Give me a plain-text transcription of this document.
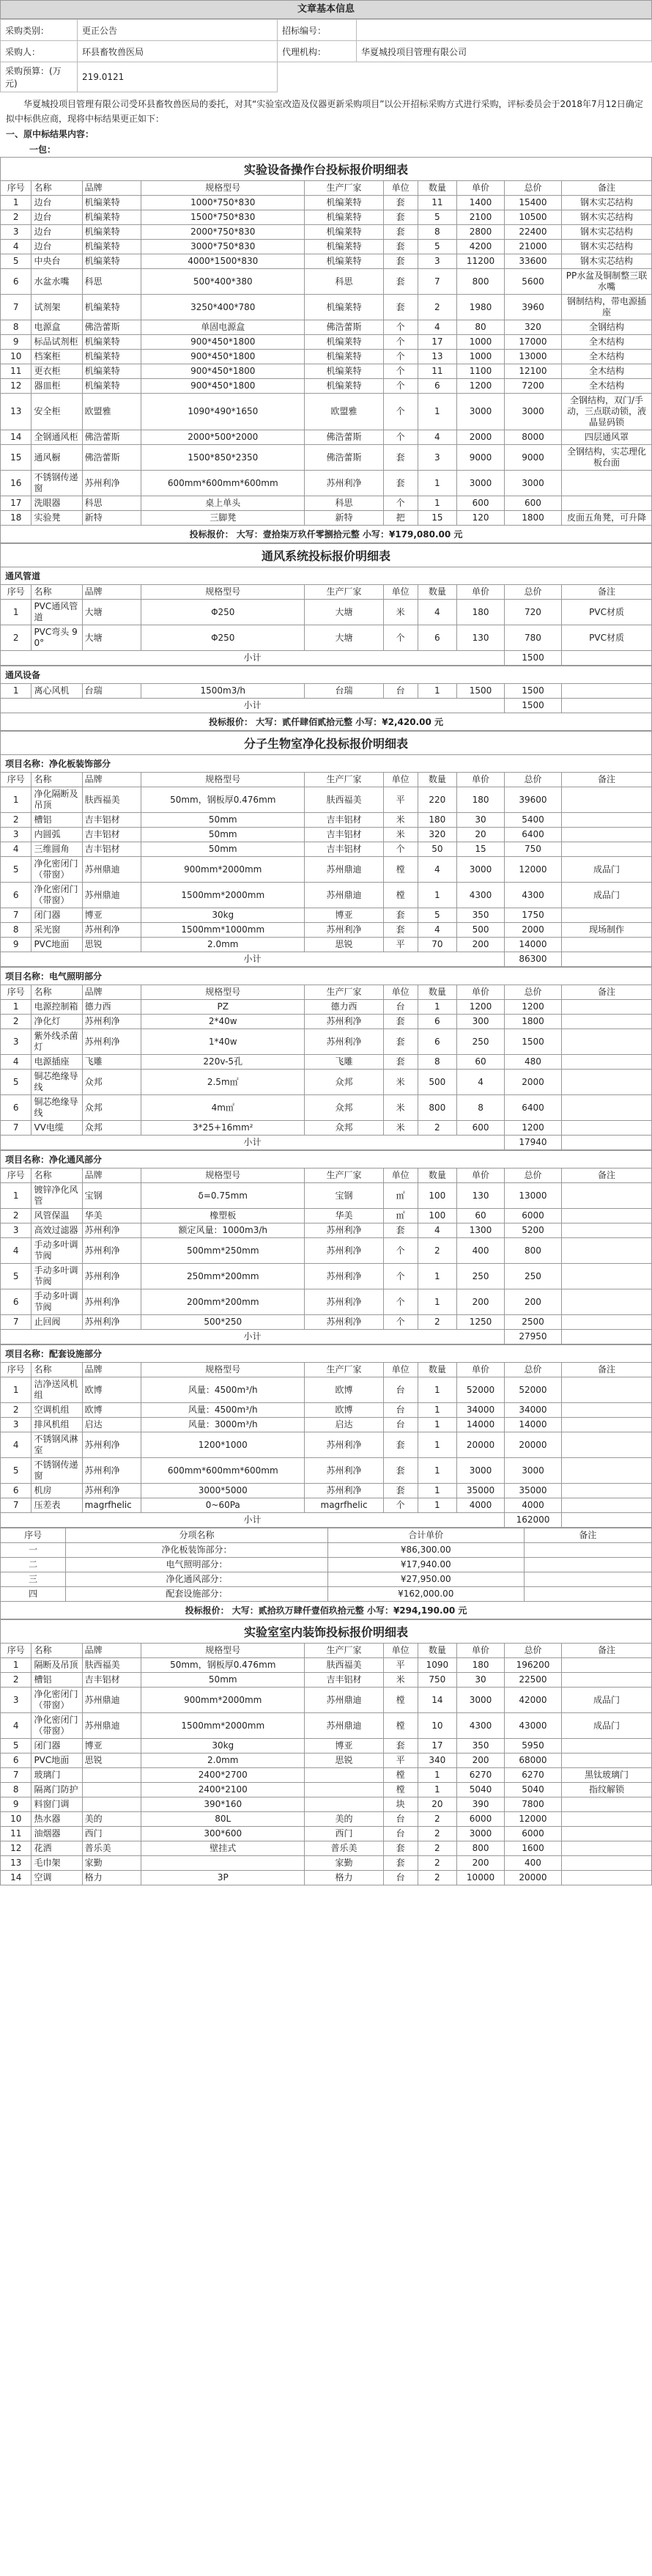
文章基本信息
采购类别：	更正公告	招标编号：	
采购人：	环县畜牧兽医局	代理机构：	华夏城投项目管理有限公司
采购预算：(万元)	219.0121		
华夏城投项目管理有限公司受环县畜牧兽医局的委托，对其“实验室改造及仪器更新采购项目”以公开招标采购方式进行采购，评标委员会于2018年7月12日确定拟中标供应商，现将中标结果更正如下：
一、原中标结果内容：
一包：
实验设备操作台投标报价明细表
序号	名称	品牌	规格型号	生产厂家	单位	数量	单价	总价	备注
1	边台	机编莱特	1000*750*830	机编莱特	套	11	1400	15400	钢木实芯结构
2	边台	机编莱特	1500*750*830	机编莱特	套	5	2100	10500	钢木实芯结构
3	边台	机编莱特	2000*750*830	机编莱特	套	8	2800	22400	钢木实芯结构
4	边台	机编莱特	3000*750*830	机编莱特	套	5	4200	21000	钢木实芯结构
5	中央台	机编莱特	4000*1500*830	机编莱特	套	3	11200	33600	钢木实芯结构
6	水盆水嘴	科思	500*400*380	科思	套	7	800	5600	PP水盆及铜制整三联水嘴
7	试剂架	机编莱特	3250*400*780	机编莱特	套	2	1980	3960	钢制结构，带电源插座
8	电源盒	佛浩蕾斯	单固电源盒	佛浩蕾斯	个	4	80	320	全钢结构
9	标品试剂柜	机编莱特	900*450*1800	机编莱特	个	17	1000	17000	全木结构
10	档案柜	机编莱特	900*450*1800	机编莱特	个	13	1000	13000	全木结构
11	更衣柜	机编莱特	900*450*1800	机编莱特	个	11	1100	12100	全木结构
12	器皿柜	机编莱特	900*450*1800	机编莱特	个	6	1200	7200	全木结构
13	安全柜	欧盟雅	1090*490*1650	欧盟雅	个	1	3000	3000	全钢结构，双门/手动，三点联动锁，液晶显码锁
14	全钢通风柜	佛浩蕾斯	2000*500*2000	佛浩蕾斯	个	4	2000	8000	四层通风罩
15	通风橱	佛浩蕾斯	1500*850*2350	佛浩蕾斯	套	3	9000	9000	全钢结构，实芯理化板台面
16	不锈钢传递窗	苏州利净	600mm*600mm*600mm	苏州利净	套	1	3000	3000	
17	洗眼器	科思	桌上单头	科思	个	1	600	600	
18	实验凳	新特	三脚凳	新特	把	15	120	1800	皮面五角凳，可升降
投标报价： 大写：壹拾柒万玖仟零捌拾元整 小写：¥179,080.00 元
通风系统投标报价明细表
通风管道
序号	名称	品牌	规格型号	生产厂家	单位	数量	单价	总价	备注
1	PVC通风管道	大塘	Φ250	大塘	米	4	180	720	PVC材质
2	PVC弯头 90°	大塘	Φ250	大塘	个	6	130	780	PVC材质
小计								1500	
通风设备
1	离心风机	台瑞	1500m3/h	台瑞	台	1	1500	1500	
小计								1500	
投标报价： 大写：贰仟肆佰贰拾元整 小写：¥2,420.00 元
分子生物室净化投标报价明细表
项目名称：净化板装饰部分
序号	名称	品牌	规格型号	生产厂家	单位	数量	单价	总价	备注
1	净化隔断及吊顶	肤西福美	50mm，钢板厚0.476mm	肤西福美	平	220	180	39600	
2	槽铝	吉丰铝材	50mm	吉丰铝材	米	180	30	5400	
3	内圆弧	吉丰铝材	50mm	吉丰铝材	米	320	20	6400	
4	三维圆角	吉丰铝材	50mm	吉丰铝材	个	50	15	750	
5	净化密闭门（带窗）	苏州鼎迪	900mm*2000mm	苏州鼎迪	樘	4	3000	12000	成品门
6	净化密闭门（带窗）	苏州鼎迪	1500mm*2000mm	苏州鼎迪	樘	1	4300	4300	成品门
7	闭门器	博亚	30kg	博亚	套	5	350	1750	
8	采光窗	苏州利净	1500mm*1000mm	苏州利净	套	4	500	2000	现场制作
9	PVC地面	思锐	2.0mm	思锐	平	70	200	14000	
小计								86300	
项目名称：电气照明部分
序号	名称	品牌	规格型号	生产厂家	单位	数量	单价	总价	备注
1	电源控制箱	德力西	PZ	德力西	台	1	1200	1200	
2	净化灯	苏州利净	2*40w	苏州利净	套	6	300	1800	
3	紫外线杀菌灯	苏州利净	1*40w	苏州利净	套	6	250	1500	
4	电源插座	飞雕	220v-5孔	飞雕	套	8	60	480	
5	铜芯绝缘导线	众邦	2.5m㎡	众邦	米	500	4	2000	
6	铜芯绝缘导线	众邦	4m㎡	众邦	米	800	8	6400	
7	VV电缆	众邦	3*25+16mm²	众邦	米	2	600	1200	
小计								17940	
项目名称：净化通风部分
序号	名称	品牌	规格型号	生产厂家	单位	数量	单价	总价	备注
1	镀锌净化风管	宝钢	δ=0.75mm	宝钢	㎡	100	130	13000	
2	风管保温	华美	橡塑板	华美	㎡	100	60	6000	
3	高效过滤器	苏州利净	额定风量：1000m3/h	苏州利净	套	4	1300	5200	
4	手动多叶调节阀	苏州利净	500mm*250mm	苏州利净	个	2	400	800	
5	手动多叶调节阀	苏州利净	250mm*200mm	苏州利净	个	1	250	250	
6	手动多叶调节阀	苏州利净	200mm*200mm	苏州利净	个	1	200	200	
7	止回阀	苏州利净	500*250	苏州利净	个	2	1250	2500	
小计								27950	
项目名称：配套设施部分
序号	名称	品牌	规格型号	生产厂家	单位	数量	单价	总价	备注
1	洁净送风机组	欧博	风量：4500m³/h	欧博	台	1	52000	52000	
2	空调机组	欧博	风量：4500m³/h	欧博	台	1	34000	34000	
3	排风机组	启达	风量：3000m³/h	启达	台	1	14000	14000	
4	不锈钢风淋室	苏州利净	1200*1000	苏州利净	套	1	20000	20000	
5	不锈钢传递窗	苏州利净	600mm*600mm*600mm	苏州利净	套	1	3000	3000	
6	机房	苏州利净	3000*5000	苏州利净	套	1	35000	35000	
7	压差表	magrfhelic	0~60Pa	magrfhelic	个	1	4000	4000	
小计								162000	
序号	分项名称	合计单价	备注
一	净化板装饰部分：	¥86,300.00	
二	电气照明部分：	¥17,940.00	
三	净化通风部分：	¥27,950.00	
四	配套设施部分：	¥162,000.00	
投标报价： 大写：贰拾玖万肆仟壹佰玖拾元整 小写：¥294,190.00 元
实验室室内装饰投标报价明细表
序号	名称	品牌	规格型号	生产厂家	单位	数量	单价	总价	备注
1	隔断及吊顶	肤西福美	50mm，钢板厚0.476mm	肤西福美	平	1090	180	196200	
2	槽铝	吉丰铝材	50mm	吉丰铝材	米	750	30	22500	
3	净化密闭门（带窗）	苏州鼎迪	900mm*2000mm	苏州鼎迪	樘	14	3000	42000	成品门
4	净化密闭门（带窗）	苏州鼎迪	1500mm*2000mm	苏州鼎迪	樘	10	4300	43000	成品门
5	闭门器	博亚	30kg	博亚	套	17	350	5950	
6	PVC地面	思锐	2.0mm	思锐	平	340	200	68000	
7	玻璃门		2400*2700		樘	1	6270	6270	黑钛玻璃门
8	隔离门防护		2400*2100		樘	1	5040	5040	指纹解锁
9	料窗门调		390*160		块	20	390	7800	
10	热水器	美的	80L	美的	台	2	6000	12000	
11	油烟器	西门	300*600	西门	台	2	3000	6000	
12	花洒	普乐美	壁挂式	普乐美	套	2	800	1600	
13	毛巾架	家勤		家勤	套	2	200	400	
14	空调	格力	3P	格力	台	2	10000	20000	
